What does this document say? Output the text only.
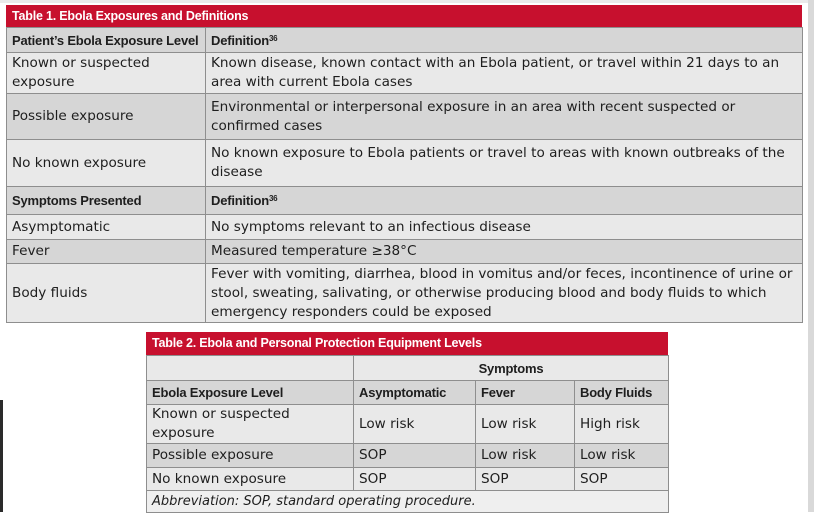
Table 1. Ebola Exposures and Definitions
Patient’s Ebola Exposure Level	Definition$^{36}$
Known or suspected exposure	Known disease, known contact with an Ebola patient, or travel within 21 days to an area with current Ebola cases
Possible exposure	Environmental or interpersonal exposure in an area with recent suspected or confirmed cases
No known exposure	No known exposure to Ebola patients or travel to areas with known outbreaks of the disease
Symptoms Presented	Definition$^{36}$
Asymptomatic	No symptoms relevant to an infectious disease
Fever	Measured temperature ≥38°C
Body fluids	Fever with vomiting, diarrhea, blood in vomitus and/or feces, incontinence of urine or stool, sweating, salivating, or otherwise producing blood and body fluids to which emergency responders could be exposed
Table 2. Ebola and Personal Protection Equipment Levels
	Symptoms		
Ebola Exposure Level	Asymptomatic	Fever	Body Fluids
Known or suspected exposure	Low risk	Low risk	High risk
Possible exposure	SOP	Low risk	Low risk
No known exposure	SOP	SOP	SOP
Abbreviation: SOP, standard operating procedure.			
